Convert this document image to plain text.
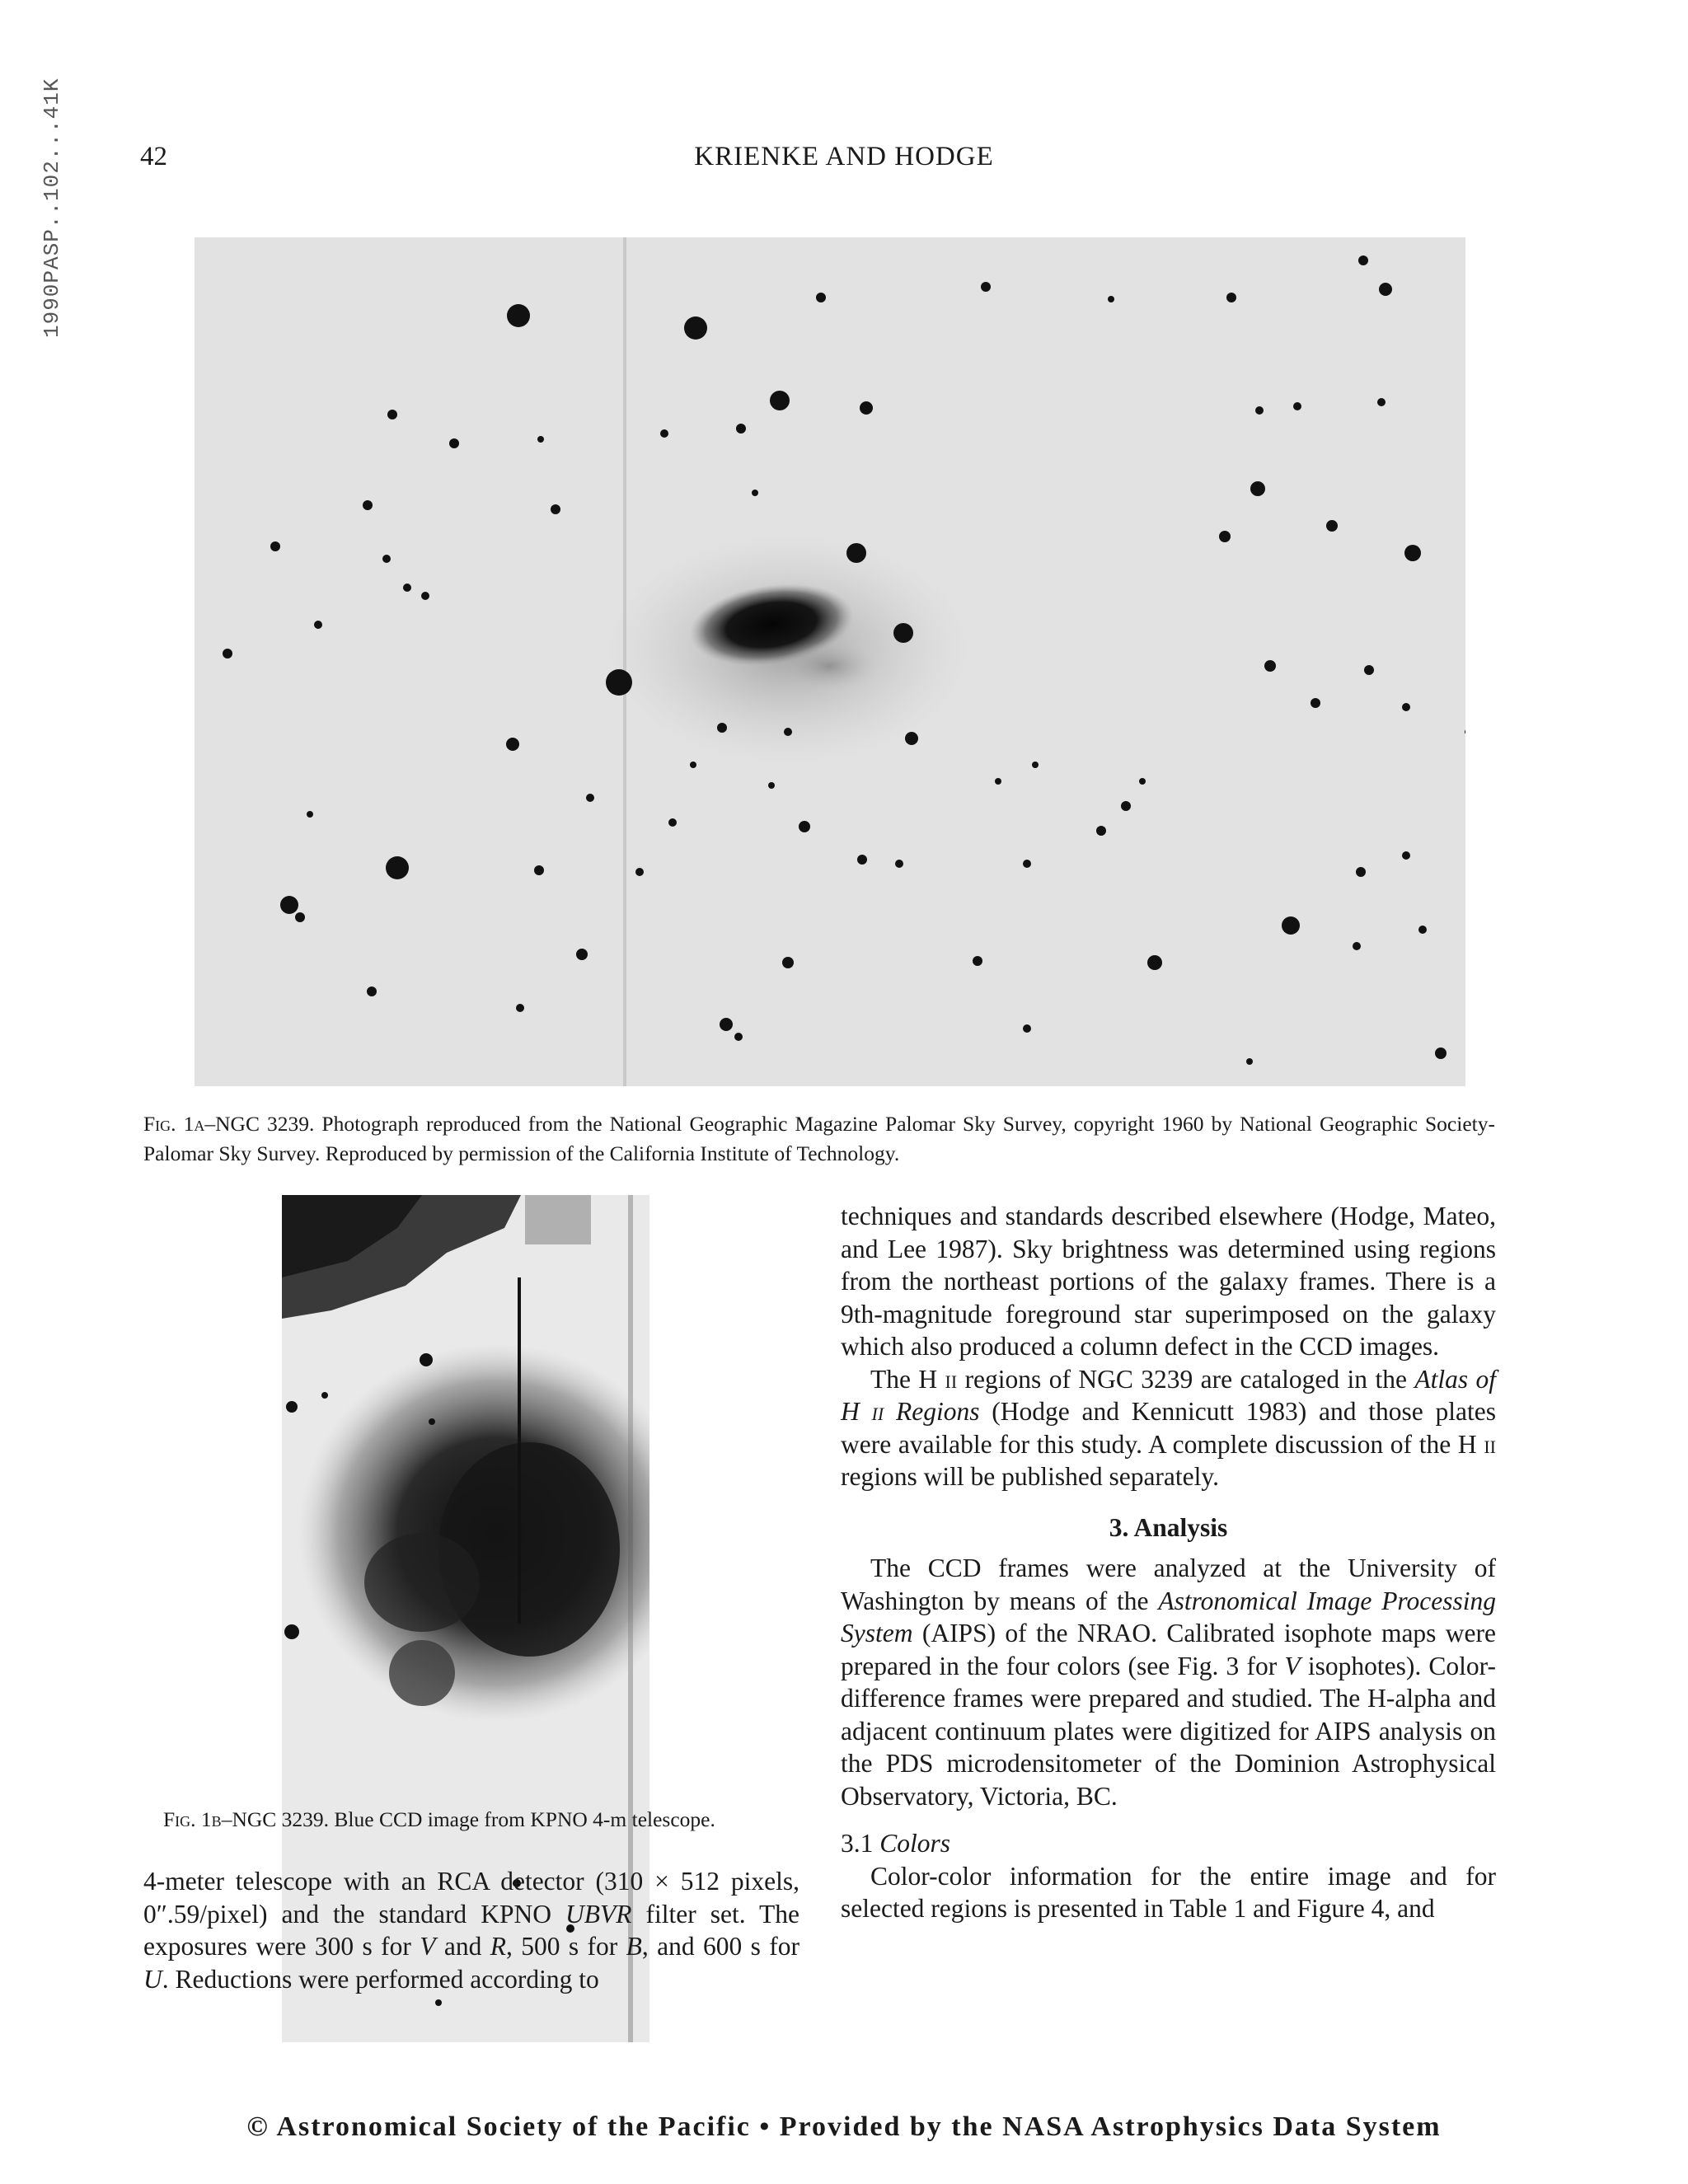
1990PASP..102...41K	42	KRIENKE AND HODGE
Fig. 1a–NGC 3239. Photograph reproduced from the National Geographic Magazine Palomar Sky Survey, copyright 1960 by National Geographic Society-Palomar Sky Survey. Reproduced by permission of the California Institute of Technology.
Fig. 1b–NGC 3239. Blue CCD image from KPNO 4-m telescope.

4-meter telescope with an RCA detector (310 × 512 pixels, 0″.59/pixel) and the standard KPNO UBVR filter set. The exposures were 300 s for V and R, 500 s for B, and 600 s for U. Reductions were performed according to

techniques and standards described elsewhere (Hodge, Mateo, and Lee 1987). Sky brightness was determined using regions from the northeast portions of the galaxy frames. There is a 9th-magnitude foreground star superimposed on the galaxy which also produced a column defect in the CCD images.

The H ii regions of NGC 3239 are cataloged in the Atlas of H ii Regions (Hodge and Kennicutt 1983) and those plates were available for this study. A complete discussion of the H ii regions will be published separately.

3. Analysis

The CCD frames were analyzed at the University of Washington by means of the Astronomical Image Processing System (AIPS) of the NRAO. Calibrated isophote maps were prepared in the four colors (see Fig. 3 for V isophotes). Color-difference frames were prepared and studied. The H-alpha and adjacent continuum plates were digitized for AIPS analysis on the PDS microdensitometer of the Dominion Astrophysical Observatory, Victoria, BC.

3.1 Colors

Color-color information for the entire image and for selected regions is presented in Table 1 and Figure 4, and

© Astronomical Society of the Pacific • Provided by the NASA Astrophysics Data System
